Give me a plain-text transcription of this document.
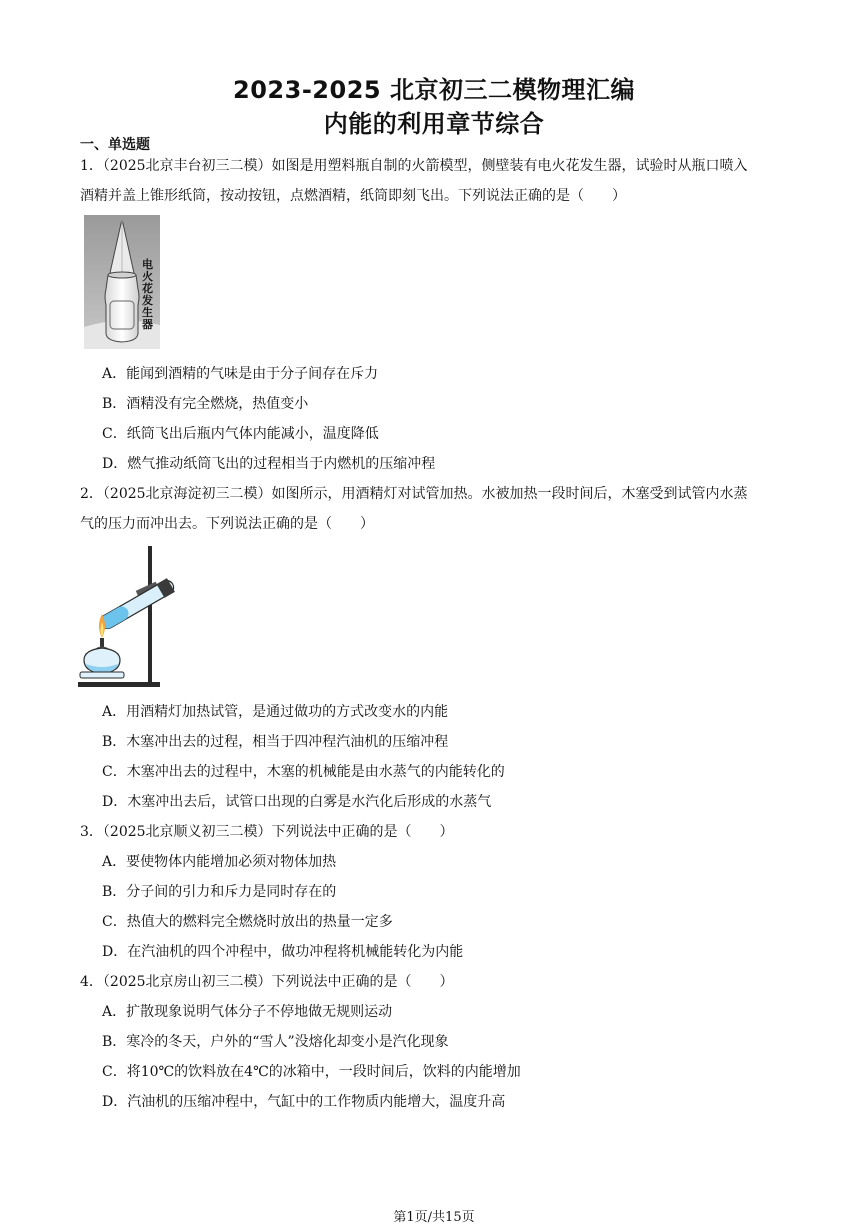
2023-2025 北京初三二模物理汇编
内能的利用章节综合
一、单选题
1．（2025北京丰台初三二模）如图是用塑料瓶自制的火箭模型，侧壁装有电火花发生器，试验时从瓶口喷入
酒精并盖上锥形纸筒，按动按钮，点燃酒精，纸筒即刻飞出。下列说法正确的是（　　）
电火花发生器
A．能闻到酒精的气味是由于分子间存在斥力
B．酒精没有完全燃烧，热值变小
C．纸筒飞出后瓶内气体内能减小，温度降低
D．燃气推动纸筒飞出的过程相当于内燃机的压缩冲程
2．（2025北京海淀初三二模）如图所示，用酒精灯对试管加热。水被加热一段时间后，木塞受到试管内水蒸
气的压力而冲出去。下列说法正确的是（　　）
A．用酒精灯加热试管，是通过做功的方式改变水的内能
B．木塞冲出去的过程，相当于四冲程汽油机的压缩冲程
C．木塞冲出去的过程中，木塞的机械能是由水蒸气的内能转化的
D．木塞冲出去后，试管口出现的白雾是水汽化后形成的水蒸气
3．（2025北京顺义初三二模）下列说法中正确的是（　　）
A．要使物体内能增加必须对物体加热
B．分子间的引力和斥力是同时存在的
C．热值大的燃料完全燃烧时放出的热量一定多
D．在汽油机的四个冲程中，做功冲程将机械能转化为内能
4．（2025北京房山初三二模）下列说法中正确的是（　　）
A．扩散现象说明气体分子不停地做无规则运动
B．寒冷的冬天，户外的“雪人”没熔化却变小是汽化现象
C．将10℃的饮料放在4℃的冰箱中，一段时间后，饮料的内能增加
D．汽油机的压缩冲程中，气缸中的工作物质内能增大，温度升高
第1页/共15页
